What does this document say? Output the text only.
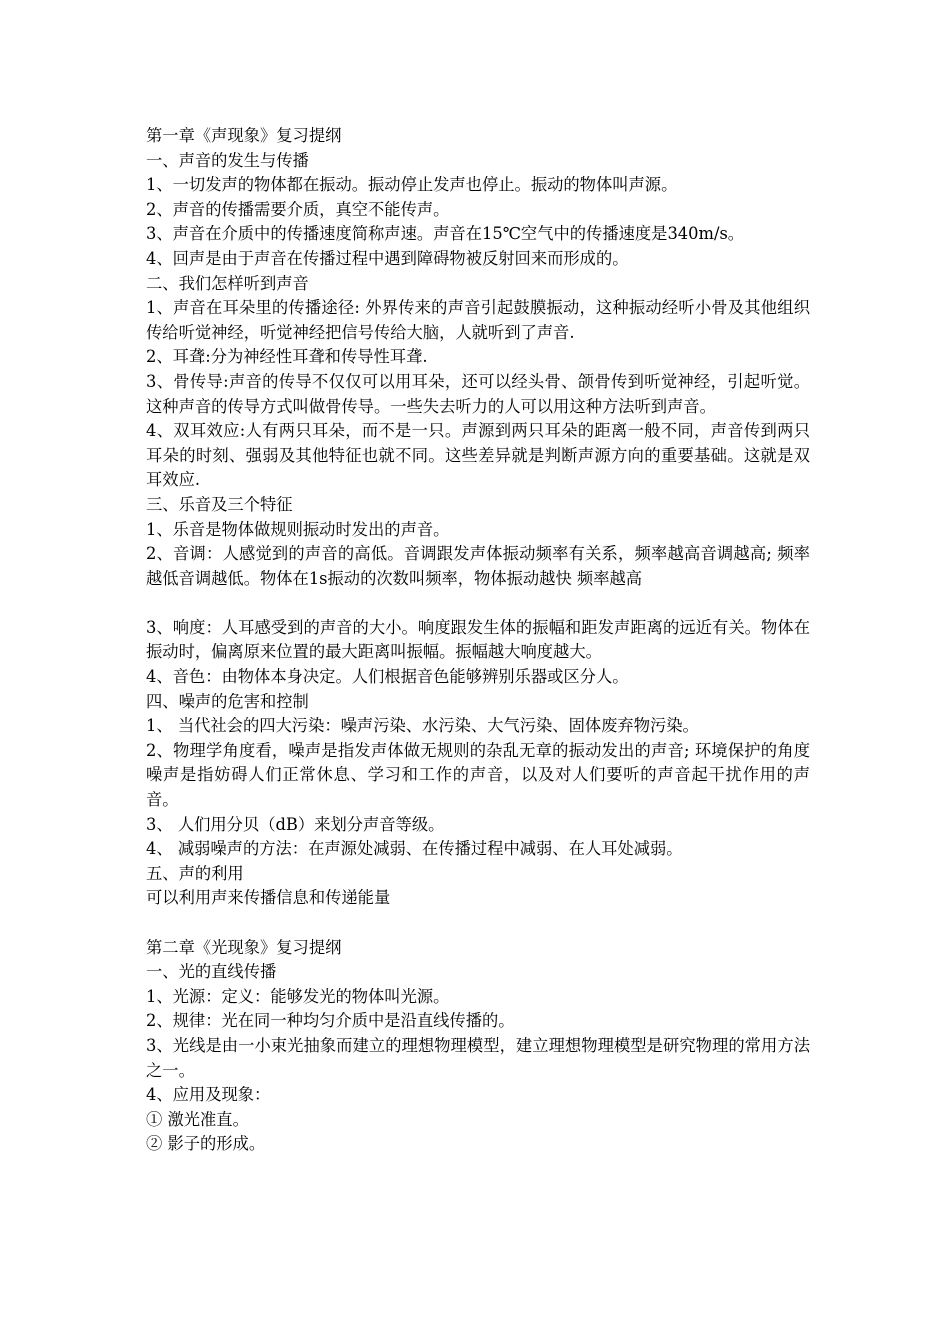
第一章《声现象》复习提纲
一、声音的发生与传播
1、一切发声的物体都在振动。振动停止发声也停止。振动的物体叫声源。
2、声音的传播需要介质，真空不能传声。
3、声音在介质中的传播速度简称声速。声音在15℃空气中的传播速度是340m/s。
4、回声是由于声音在传播过程中遇到障碍物被反射回来而形成的。
二、我们怎样听到声音
1、声音在耳朵里的传播途径: 外界传来的声音引起鼓膜振动，这种振动经听小骨及其他组织传给听觉神经，听觉神经把信号传给大脑，人就听到了声音.
2、耳聋:分为神经性耳聋和传导性耳聋.
3、骨传导:声音的传导不仅仅可以用耳朵，还可以经头骨、颌骨传到听觉神经，引起听觉。这种声音的传导方式叫做骨传导。一些失去听力的人可以用这种方法听到声音。
4、双耳效应:人有两只耳朵，而不是一只。声源到两只耳朵的距离一般不同，声音传到两只耳朵的时刻、强弱及其他特征也就不同。这些差异就是判断声源方向的重要基础。这就是双耳效应.
三、乐音及三个特征
1、乐音是物体做规则振动时发出的声音。
2、音调：人感觉到的声音的高低。音调跟发声体振动频率有关系，频率越高音调越高; 频率越低音调越低。物体在1s振动的次数叫频率，物体振动越快 频率越高
3、响度：人耳感受到的声音的大小。响度跟发生体的振幅和距发声距离的远近有关。物体在振动时，偏离原来位置的最大距离叫振幅。振幅越大响度越大。
4、音色：由物体本身决定。人们根据音色能够辨别乐器或区分人。
四、噪声的危害和控制
1、 当代社会的四大污染：噪声污染、水污染、大气污染、固体废弃物污染。
2、物理学角度看，噪声是指发声体做无规则的杂乱无章的振动发出的声音; 环境保护的角度噪声是指妨碍人们正常休息、学习和工作的声音，以及对人们要听的声音起干扰作用的声音。
3、 人们用分贝（dB）来划分声音等级。
4、 减弱噪声的方法：在声源处减弱、在传播过程中减弱、在人耳处减弱。
五、声的利用
可以利用声来传播信息和传递能量
第二章《光现象》复习提纲
一、光的直线传播
1、光源：定义：能够发光的物体叫光源。
2、规律：光在同一种均匀介质中是沿直线传播的。
3、光线是由一小束光抽象而建立的理想物理模型，建立理想物理模型是研究物理的常用方法之一。
4、应用及现象：
① 激光准直。
② 影子的形成。
